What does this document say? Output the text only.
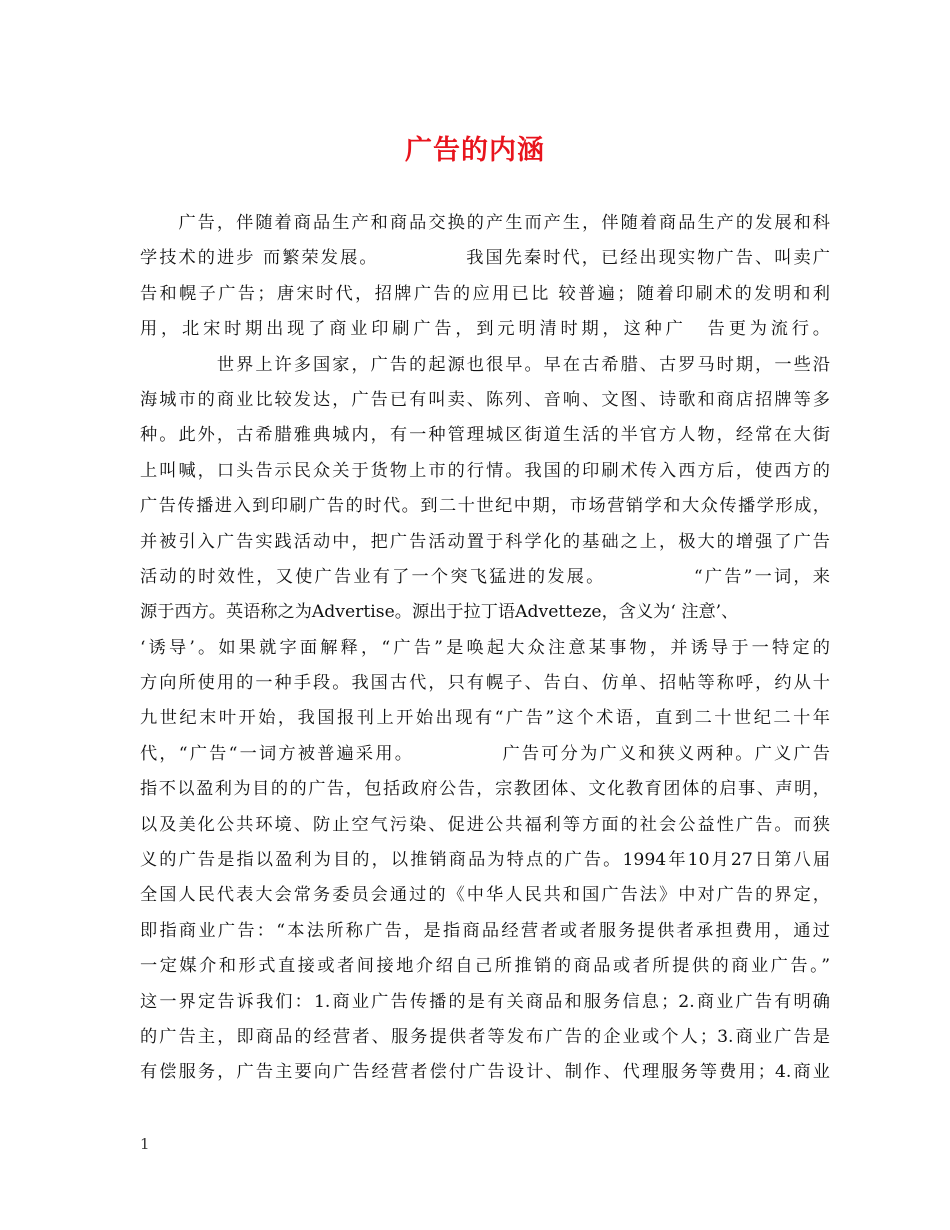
广告的内涵
　　广告，伴随着商品生产和商品交换的产生而产生，伴随着商品生产的发展和科
学技术的进步 而繁荣发展。　　　　　我国先秦时代，已经出现实物广告、叫卖广
告和幌子广告；唐宋时代，招牌广告的应用已比 较普遍；随着印刷术的发明和利
用，北宋时期出现了商业印刷广告，到元明清时期，这种广　告更为流行。
　　　　世界上许多国家，广告的起源也很早。早在古希腊、古罗马时期，一些沿
海城市的商业比较发达，广告已有叫卖、陈列、音响、文图、诗歌和商店招牌等多
种。此外，古希腊雅典城内，有一种管理城区街道生活的半官方人物，经常在大街
上叫喊，口头告示民众关于货物上市的行情。我国的印刷术传入西方后，使西方的
广告传播进入到印刷广告的时代。到二十世纪中期，市场营销学和大众传播学形成，
并被引入广告实践活动中，把广告活动置于科学化的基础之上，极大的增强了广告
活动的时效性，又使广告业有了一个突飞猛进的发展。　　　　　“广告”一词，来
源于西方。英语称之为Advertise。源出于拉丁语Advetteze，含义为‘ 注意’、
‘诱导’。如果就字面解释，“广告”是唤起大众注意某事物，并诱导于一特定的
方向所使用的一种手段。我国古代，只有幌子、告白、仿单、招帖等称呼，约从十
九世纪末叶开始，我国报刊上开始出现有“广告”这个术语，直到二十世纪二十年
代，“广告“一词方被普遍采用。　　　　　广告可分为广义和狭义两种。广义广告
指不以盈利为目的的广告，包括政府公告，宗教团体、文化教育团体的启事、声明，
以及美化公共环境、防止空气污染、促进公共福利等方面的社会公益性广告。而狭
义的广告是指以盈利为目的，以推销商品为特点的广告。1994年10月27日第八届
全国人民代表大会常务委员会通过的《中华人民共和国广告法》中对广告的界定，
即指商业广告：“本法所称广告，是指商品经营者或者服务提供者承担费用，通过
一定媒介和形式直接或者间接地介绍自己所推销的商品或者所提供的商业广告。”
这一界定告诉我们：1.商业广告传播的是有关商品和服务信息；2.商业广告有明确
的广告主，即商品的经营者、服务提供者等发布广告的企业或个人；3.商业广告是
有偿服务，广告主要向广告经营者偿付广告设计、制作、代理服务等费用；4.商业
1
